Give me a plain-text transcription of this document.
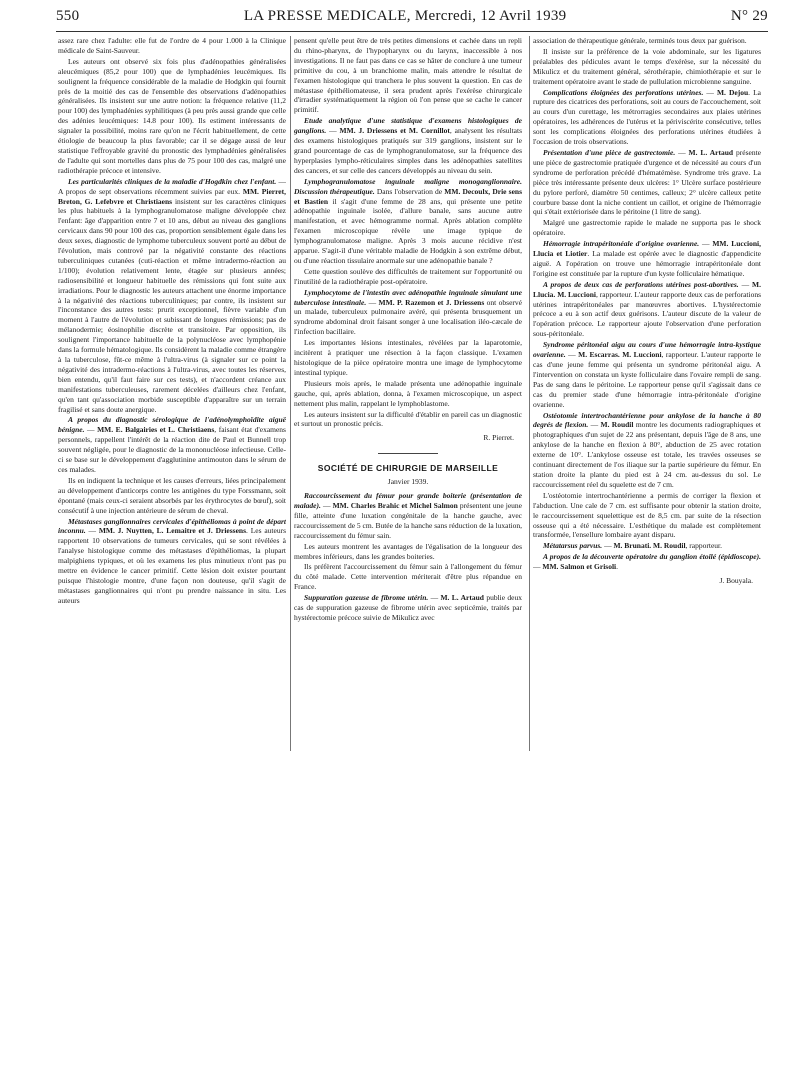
550	LA PRESSE MEDICALE, Mercredi, 12 Avril 1939	N° 29

assez rare chez l'adulte: elle fut de l'ordre de 4 pour 1.000 à la Clinique médicale de Saint-Sauveur.

Les auteurs ont observé six fois plus d'adénopathies généralisées aleucémiques (85,2 pour 100) que de lymphadénies leucémiques. Ils soulignent la fréquence considérable de la maladie de Hodgkin qui fournit près de la moitié des cas de l'ensemble des observations d'adénopathies généralisées. Ils insistent sur une autre notion: la fréquence relative (11,2 pour 100) des lymphadénies syphilitiques (à peu près aussi grande que celle des adénies leucémiques: 14.8 pour 100). Ils estiment intéressants de signaler la possibilité, moins rare qu'on ne l'écrit habituellement, de cette étiologie de beaucoup la plus favorable; car il se dégage aussi de leur statistique l'effroyable gravité du pronostic des lymphadénies généralisées de l'adulte qui sont mortelles dans plus de 75 pour 100 des cas, malgré une radiothérapie précoce et intensive.

Les particularités cliniques de la maladie d'Hogdkin chez l'enfant. — A propos de sept observations récemment suivies par eux. MM. Pierret, Breton, G. Lefebvre et Christiaens insistent sur les caractères cliniques les plus habituels à la lymphogranulomatose maligne développée chez l'enfant: âge d'apparition entre 7 et 10 ans, début au niveau des ganglions cervicaux dans 90 pour 100 des cas, proportion sensiblement égale dans les deux sexes, diagnostic de lymphome tuberculeux souvent porté au début de l'évolution, mais contrové par la négativité constante des réactions tuberculiniques cutanées (cuti-réaction et même intradermo-réaction au 1/100); évolution relativement lente, étagée sur plusieurs années; radiosensibilité et longueur habituelle des rémissions qui font suite aux irradiations. Pour le diagnostic les auteurs attachent une énorme importance à la négativité des réactions tuberculiniques; par contre, ils insistent sur l'inconstance des autres tests: prurit exceptionnel, fièvre variable d'un moment à l'autre de l'évolution et subissant de longues rémissions; pas de mélanodermie; éosinophilie discrète et transitoire. Par opposition, ils soulignent l'importance habituelle de la polynucléose avec lymphopénie dans la formule hématologique. Ils considèrent la maladie comme étrangère à la tuberculose, fût-ce même à l'ultra-virus (à signaler sur ce point la négativité des intradermo-réactions à l'ultra-virus, avec toutes les réserves, bien entendu, qu'il faut faire sur ces tests), et n'accordent créance aux manifestations tuberculeuses, rarement décelées d'ailleurs chez l'enfant, qu'en tant qu'association morbide susceptible d'apparaître sur un terrain fragilisé et sans doute anergique.

A propos du diagnostic sérologique de l'adénolymphoïdite aiguë bénigne. — MM. E. Balgairies et L. Christiaens, faisant état d'examens personnels, rappellent l'intérêt de la réaction dite de Paul et Bunnell trop souvent négligée, pour le diagnostic de la mononucléose infectieuse. Celle-ci se base sur le développement d'agglutinine antimouton dans le sérum de ces malades.

Ils en indiquent la technique et les causes d'erreurs, liées principalement au développement d'anticorps contre les antigènes du type Forssmann, soit épontané (mais ceux-ci seraient absorbés par les érythrocytes de bœuf), soit consécutif à une injection antérieure de sérum de cheval.

Métastases ganglionnaires cervicales d'épithéliomas à point de départ inconnu. — MM. J. Nuytten, L. Lemaitre et J. Driessens. Les auteurs rapportent 10 observations de tumeurs cervicales, qui se sont révélées à l'analyse histologique comme des métastases d'épithéliomas, la plupart malpighiens typiques, et où les examens les plus minutieux n'ont pas pu mettre en évidence le cancer primitif. Cette lésion doit exister pourtant puisque l'histologie montre, d'une façon non douteuse, qu'il s'agit de métastases ganglionnaires qui n'ont pu prendre naissance in situ. Les auteurs

pensent qu'elle peut être de très petites dimensions et cachée dans un repli du rhino-pharynx, de l'hypopharynx ou du larynx, inaccessible à nos investigations. Il ne faut pas dans ce cas se hâter de conclure à une tumeur primitive du cou, à un branchiome malin, mais attendre le résultat de l'examen histologique qui tranchera le plus souvent la question. En cas de métastase épithéliomateuse, il sera prudent après l'exérèse chirurgicale d'irradier systématiquement la région où l'on pense que se cache le cancer primitif.

Etude analytique d'une statistique d'examens histologiques de ganglions. — MM. J. Driessens et M. Cornillot, analysent les résultats des examens histologiques pratiqués sur 319 ganglions, insistent sur le grand pourcentage de cas de lymphogranulomatose, sur la fréquence des hyperplasies lympho-réticulaires simples dans les adénopathies satellites des cancers, et sur celle des cancers développés au niveau du sein.

Lymphogranulomatose inguinale maligne monoganglionnaire. Discussion thérapeutique. Dans l'observation de MM. Decoulx, Drie sens et Bastien il s'agit d'une femme de 28 ans, qui présente une petite adénopathie inguinale isolée, d'allure banale, sans aucune autre manifestation, et avec hémogramme normal. Après ablation complète l'examen microscopique révèle une image typique de lymphogranulomatose maligne. Après 3 mois aucune récidive n'est apparue. S'agit-il d'une véritable maladie de Hodgkin à son extrême début, ou d'une réaction tissulaire anormale sur une adénopathie banale ?

Cette question soulève des difficultés de traitement sur l'opportunité ou l'inutilité de la radiothérapie post-opératoire.

Lymphocytome de l'intestin avec adénopathie inguinale simulant une tuberculose intestinale. — MM. P. Razemon et J. Driessens ont observé un malade, tuberculeux pulmonaire avéré, qui présenta brusquement un syndrome abdominal droit faisant songer à une localisation iléo-cæcale de l'infection bacillaire.

Les importantes lésions intestinales, révélées par la laparotomie, incitèrent à pratiquer une résection à la façon classique. L'examen histologique de la pièce opératoire montra une image de lymphocytome intestinal typique.

Plusieurs mois après, le malade présenta une adénopathie inguinale gauche, qui, après ablation, donna, à l'examen microscopique, un aspect nettement plus malin, rappelant le lymphoblastome.

Les auteurs insistent sur la difficulté d'établir en pareil cas un diagnostic et surtout un pronostic précis.

R. Pierret.
SOCIÉTÉ DE CHIRURGIE DE MARSEILLE
Janvier 1939.

Raccourcissement du fémur pour grande boiterie (présentation de malade). — MM. Charles Brahic et Michel Salmon présentent une jeune fille, atteinte d'une luxation congénitale de la hanche gauche, avec raccourcissement de 5 cm. Butée de la hanche sans réduction de la luxation, raccourcissement du fémur sain.

Les auteurs montrent les avantages de l'égalisation de la longueur des membres inférieurs, dans les grandes boiteries.

Ils préfèrent l'accourcissement du fémur sain à l'allongement du fémur du côté malade. Cette intervention mériterait d'être plus répandue en France.

Suppuration gazeuse de fibrome utérin. — M. L. Artaud publie deux cas de suppuration gazeuse de fibrome utérin avec septicémie, traités par hystérectomie précoce suivie de Mikulicz avec

association de thérapeutique générale, terminés tous deux par guérison.

Il insiste sur la préférence de la voie abdominale, sur les ligatures préalables des pédicules avant le temps d'exérèse, sur la nécessité du Mikulicz et du traitement général, sérothérapie, chimiothérapie et sur le traitement opératoire avant le stade de pullulation microbienne sanguine.

Complications éloignées des perforations utérines. — M. Dejou. La rupture des cicatrices des perforations, soit au cours de l'accouchement, soit au cours d'un curettage, les métrorragies secondaires aux plaies utérines opératoires, les adhérences de l'utérus et la périviscérite consécutive, telles sont les complications éloignées des perforations utérines étudiées à l'occasion de trois observations.

Présentation d'une pièce de gastrectomie. — M. L. Artaud présente une pièce de gastrectomie pratiquée d'urgence et de nécessité au cours d'un syndrome de perforation précédé d'hématémèse. Syndrome très grave. La pièce très intéressante présente deux ulcères: 1° Ulcère surface postérieure du pylore perforé, diamètre 50 centimes, calleux; 2° ulcère calleux petite courbure basse dont la niche contient un caillot, et origine de l'hémorragie qui s'était extériorisée dans le péritoine (1 litre de sang).

Malgré une gastrectomie rapide le malade ne supporta pas le shock opératoire.

Hémorragie intrapéritonéale d'origine ovarienne. — MM. Luccioni, Llucia et Liotier. La malade est opérée avec le diagnostic d'appendicite aiguë. A l'opération on trouve une hémorragie intrapéritonéale dont l'origine est constituée par la rupture d'un kyste folliculaire hématique.

A propos de deux cas de perforations utérines post-abortives. — M. Llucia. M. Luccioni, rapporteur. L'auteur rapporte deux cas de perforations utérines intrapéritonéales par manœuvres abortives. L'hystérectomie précoce a eu à son actif deux guérisons. L'auteur discute de la valeur de l'opération précoce. Le rapporteur ajoute l'observation d'une perforation sous-péritonéale.

Syndrome péritonéal aigu au cours d'une hémorragie intra-kystique ovarienne. — M. Escarras. M. Luccioni, rapporteur. L'auteur rapporte le cas d'une jeune femme qui présenta un syndrome péritonéal aigu. A l'intervention on constata un kyste folliculaire dans l'ovaire rempli de sang. Pas de sang dans le péritoine. Le rapporteur pense qu'il s'agissait dans ce cas du premier stade d'une hémorragie intra-péritonéale d'origine ovarienne.

Ostéotomie intertrochantérienne pour ankylose de la hanche à 80 degrés de flexion. — M. Roudil montre les documents radiographiques et photographiques d'un sujet de 22 ans présentant, depuis l'âge de 8 ans, une ankylose de la hanche en flexion à 80°, abduction de 25 avec rotation externe de 10°. L'ankylose osseuse est totale, les travées osseuses se continuant directement de l'os iliaque sur la partie supérieure du fémur. En station droite la plante du pied est à 24 cm. au-dessus du sol. Le raccourcissement réel du squelette est de 7 cm.

L'ostéotomie intertrochantérienne a permis de corriger la flexion et l'abduction. Une cale de 7 cm. est suffisante pour obtenir la station droite, le raccourcissement squelettique est de 8,5 cm. par suite de la résection osseuse qui a été nécessaire. L'esthétique du malade est complètement transformée, l'ensellure lombaire ayant disparu.

Métatarsus parvus. — M. Brunati. M. Roudil, rapporteur.

A propos de la découverte opératoire du ganglion étoilé (épidioscope). — MM. Salmon et Grisoli.

J. Bouyala.
